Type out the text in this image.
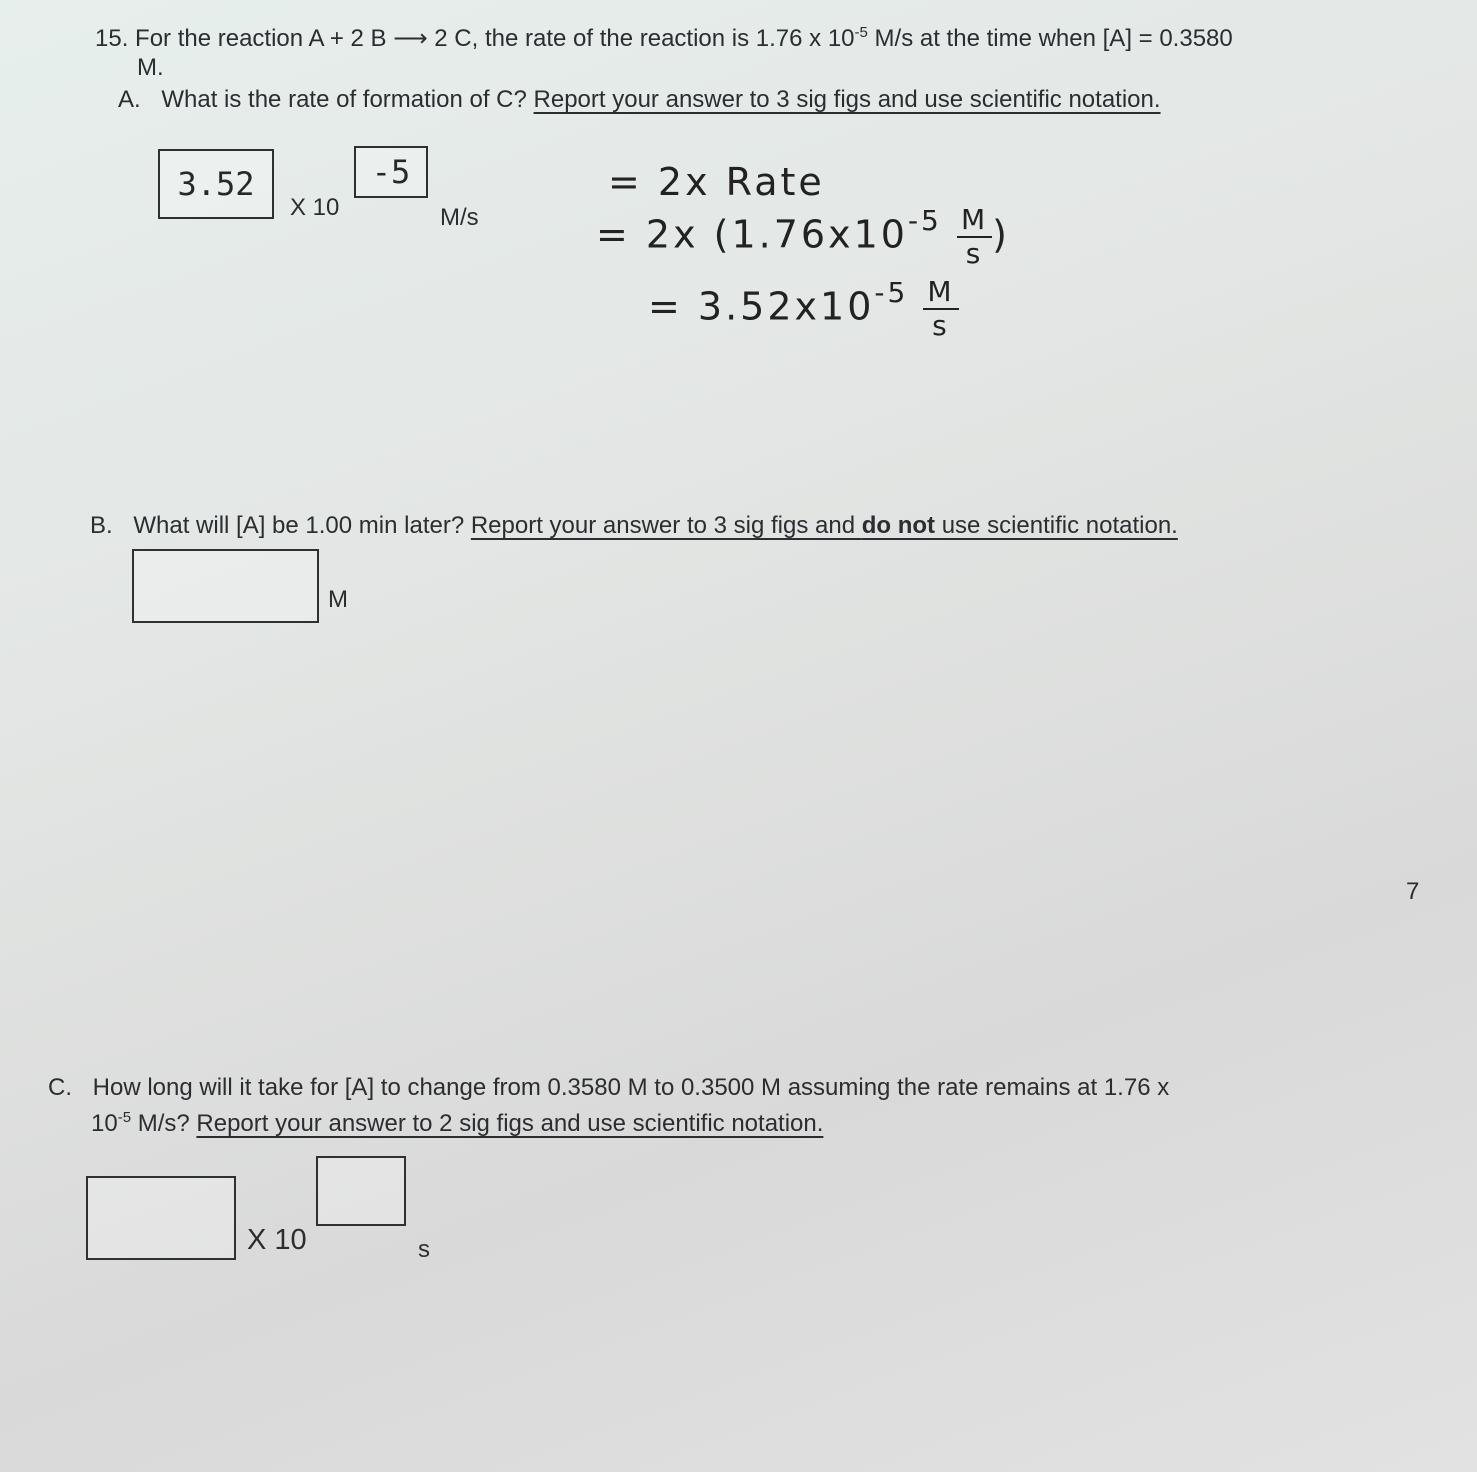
15. For the reaction A + 2 B ⟶ 2 C, the rate of the reaction is 1.76 x $10^{-5}$ M/s at the time when [A] = 0.3580
M.
A. What is the rate of formation of C? Report your answer to 3 sig figs and use scientific notation.
3.52
X 10
-5
M/s
= 2x Rate
= 2x ($1.76x10^{-5} \frac{M}{s}$ )
= $3.52x10^{-5} \frac{M}{s}$
B. What will [A] be 1.00 min later? Report your answer to 3 sig figs and do not use scientific notation.
M
7
C. How long will it take for [A] to change from 0.3580 M to 0.3500 M assuming the rate remains at 1.76 x
$10^{-5}$ M/s? Report your answer to 2 sig figs and use scientific notation.
X 10	s
